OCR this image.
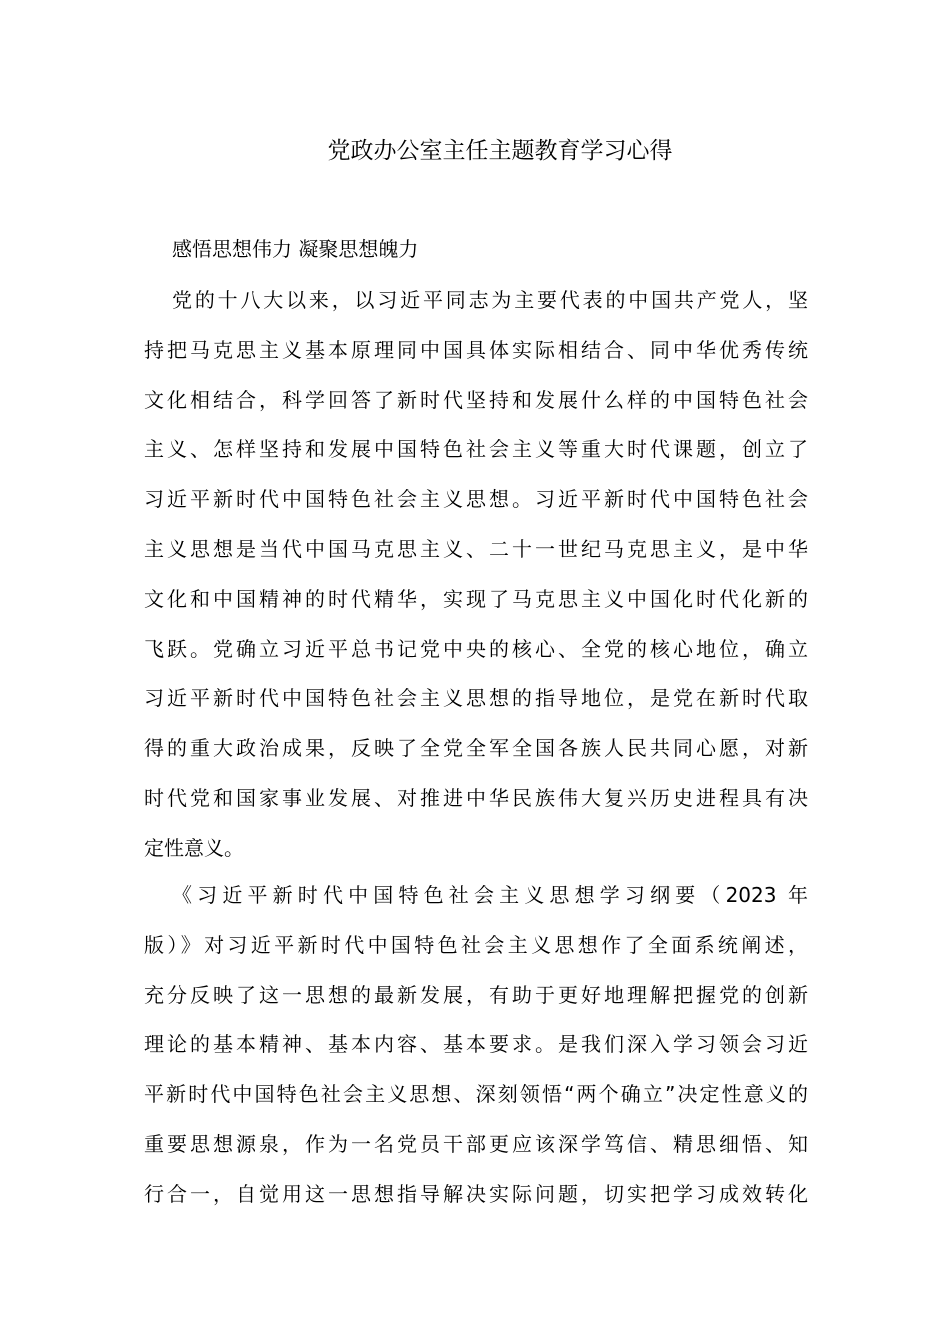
党政办公室主任主题教育学习心得
感悟思想伟力 凝聚思想魄力
党的十八大以来，以习近平同志为主要代表的中国共产党人，坚
持把马克思主义基本原理同中国具体实际相结合、同中华优秀传统
文化相结合，科学回答了新时代坚持和发展什么样的中国特色社会
主义、怎样坚持和发展中国特色社会主义等重大时代课题，创立了
习近平新时代中国特色社会主义思想。习近平新时代中国特色社会
主义思想是当代中国马克思主义、二十一世纪马克思主义，是中华
文化和中国精神的时代精华，实现了马克思主义中国化时代化新的
飞跃。党确立习近平总书记党中央的核心、全党的核心地位，确立
习近平新时代中国特色社会主义思想的指导地位，是党在新时代取
得的重大政治成果，反映了全党全军全国各族人民共同心愿，对新
时代党和国家事业发展、对推进中华民族伟大复兴历史进程具有决
定性意义。
《习近平新时代中国特色社会主义思想学习纲要（2023 年
版）》对习近平新时代中国特色社会主义思想作了全面系统阐述，
充分反映了这一思想的最新发展，有助于更好地理解把握党的创新
理论的基本精神、基本内容、基本要求。是我们深入学习领会习近
平新时代中国特色社会主义思想、深刻领悟“两个确立”决定性意义的
重要思想源泉，作为一名党员干部更应该深学笃信、精思细悟、知
行合一，自觉用这一思想指导解决实际问题，切实把学习成效转化
